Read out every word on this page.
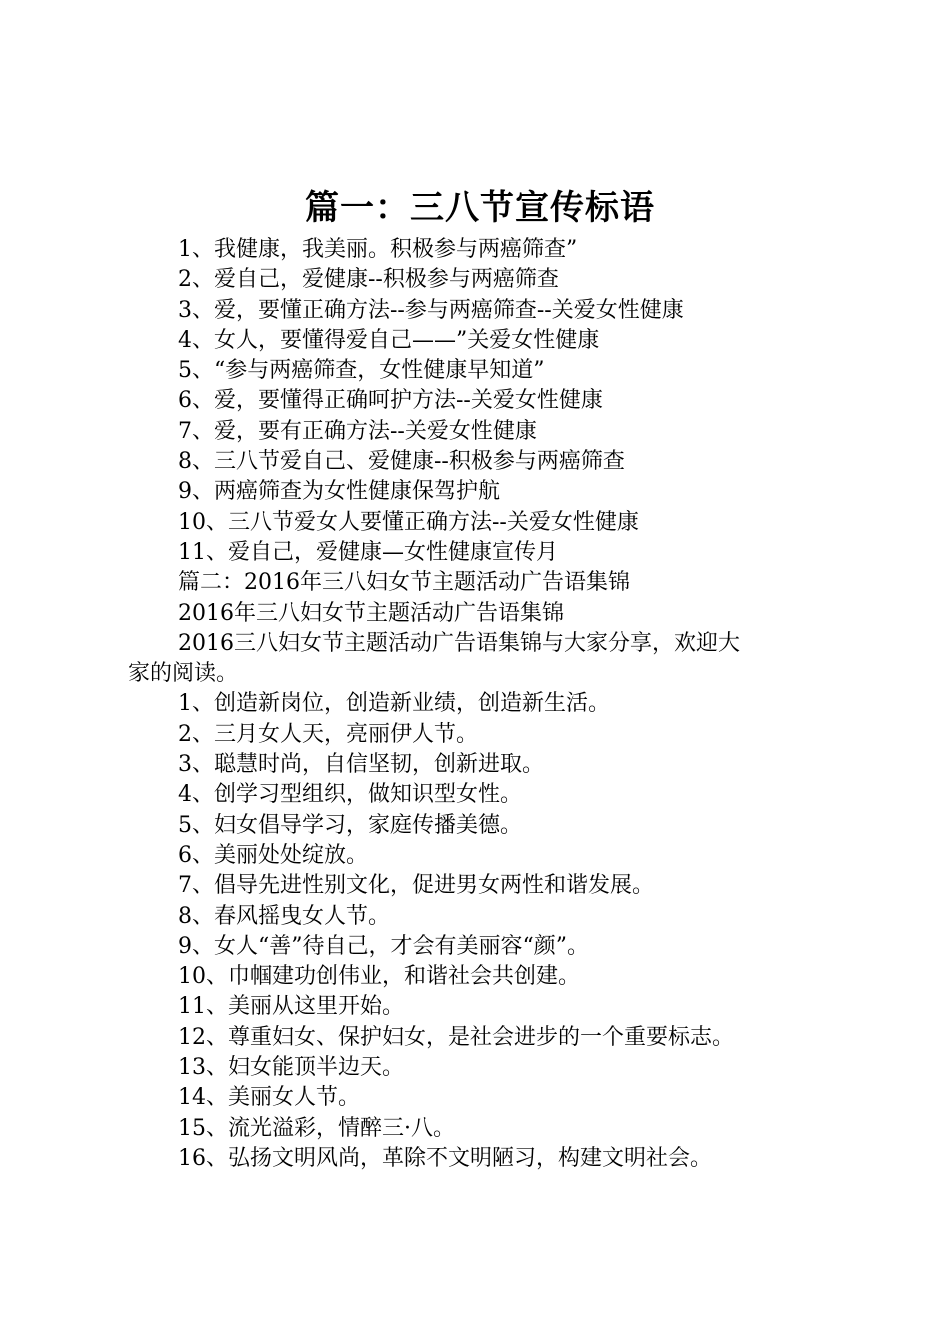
篇一：三八节宣传标语
1、我健康，我美丽。积极参与两癌筛查”
2、爱自己，爱健康--积极参与两癌筛查
3、爱，要懂正确方法--参与两癌筛查--关爱女性健康
4、女人，要懂得爱自己——”关爱女性健康
5、“参与两癌筛查，女性健康早知道”
6、爱，要懂得正确呵护方法--关爱女性健康
7、爱，要有正确方法--关爱女性健康
8、三八节爱自己、爱健康--积极参与两癌筛查
9、两癌筛查为女性健康保驾护航
10、三八节爱女人要懂正确方法--关爱女性健康
11、爱自己，爱健康—女性健康宣传月
篇二：2016年三八妇女节主题活动广告语集锦
2016年三八妇女节主题活动广告语集锦
2016三八妇女节主题活动广告语集锦与大家分享，欢迎大
家的阅读。
1、创造新岗位，创造新业绩，创造新生活。
2、三月女人天，亮丽伊人节。
3、聪慧时尚，自信坚韧，创新进取。
4、创学习型组织，做知识型女性。
5、妇女倡导学习，家庭传播美德。
6、美丽处处绽放。
7、倡导先进性别文化，促进男女两性和谐发展。
8、春风摇曳女人节。
9、女人“善”待自己，才会有美丽容“颜”。
10、巾帼建功创伟业，和谐社会共创建。
11、美丽从这里开始。
12、尊重妇女、保护妇女，是社会进步的一个重要标志。
13、妇女能顶半边天。
14、美丽女人节。
15、流光溢彩，情醉三·八。
16、弘扬文明风尚，革除不文明陋习，构建文明社会。
